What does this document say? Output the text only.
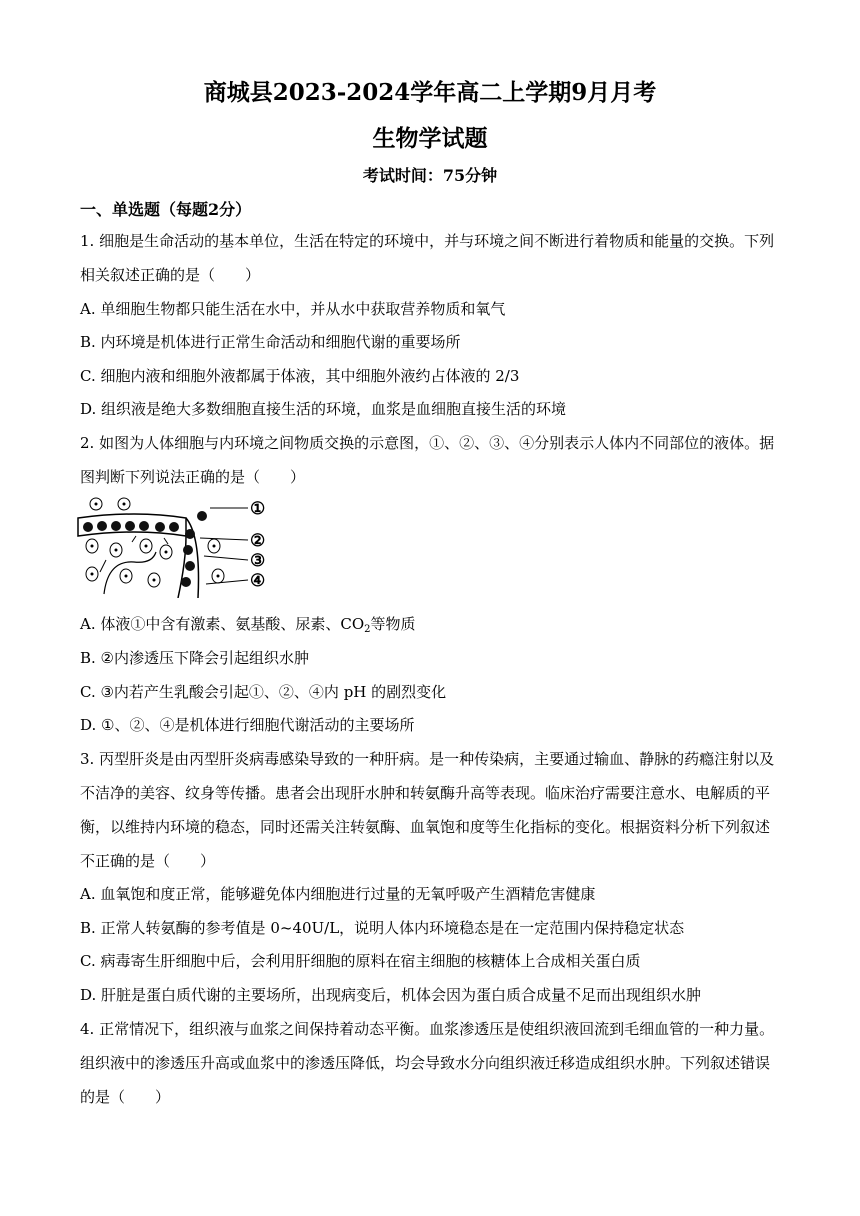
商城县2023-2024学年高二上学期9月月考
生物学试题
考试时间：75分钟
一、单选题（每题2分）
1. 细胞是生命活动的基本单位，生活在特定的环境中，并与环境之间不断进行着物质和能量的交换。下列
相关叙述正确的是（　　）
A. 单细胞生物都只能生活在水中，并从水中获取营养物质和氧气
B. 内环境是机体进行正常生命活动和细胞代谢的重要场所
C. 细胞内液和细胞外液都属于体液，其中细胞外液约占体液的 2/3
D. 组织液是绝大多数细胞直接生活的环境，血浆是血细胞直接生活的环境
2. 如图为人体细胞与内环境之间物质交换的示意图，①、②、③、④分别表示人体内不同部位的液体。据
图判断下列说法正确的是（　　）
①
②
③
④
A. 体液①中含有激素、氨基酸、尿素、$CO_2$等物质
B. ②内渗透压下降会引起组织水肿
C. ③内若产生乳酸会引起①、②、④内 pH 的剧烈变化
D. ①、②、④是机体进行细胞代谢活动的主要场所
3. 丙型肝炎是由丙型肝炎病毒感染导致的一种肝病。是一种传染病，主要通过输血、静脉的药瘾注射以及
不洁净的美容、纹身等传播。患者会出现肝水肿和转氨酶升高等表现。临床治疗需要注意水、电解质的平
衡，以维持内环境的稳态，同时还需关注转氨酶、血氧饱和度等生化指标的变化。根据资料分析下列叙述
不正确的是（　　）
A. 血氧饱和度正常，能够避免体内细胞进行过量的无氧呼吸产生酒精危害健康
B. 正常人转氨酶的参考值是 0~40U/L，说明人体内环境稳态是在一定范围内保持稳定状态
C. 病毒寄生肝细胞中后，会利用肝细胞的原料在宿主细胞的核糖体上合成相关蛋白质
D. 肝脏是蛋白质代谢的主要场所，出现病变后，机体会因为蛋白质合成量不足而出现组织水肿
4. 正常情况下，组织液与血浆之间保持着动态平衡。血浆渗透压是使组织液回流到毛细血管的一种力量。
组织液中的渗透压升高或血浆中的渗透压降低，均会导致水分向组织液迁移造成组织水肿。下列叙述错误
的是（　　）
